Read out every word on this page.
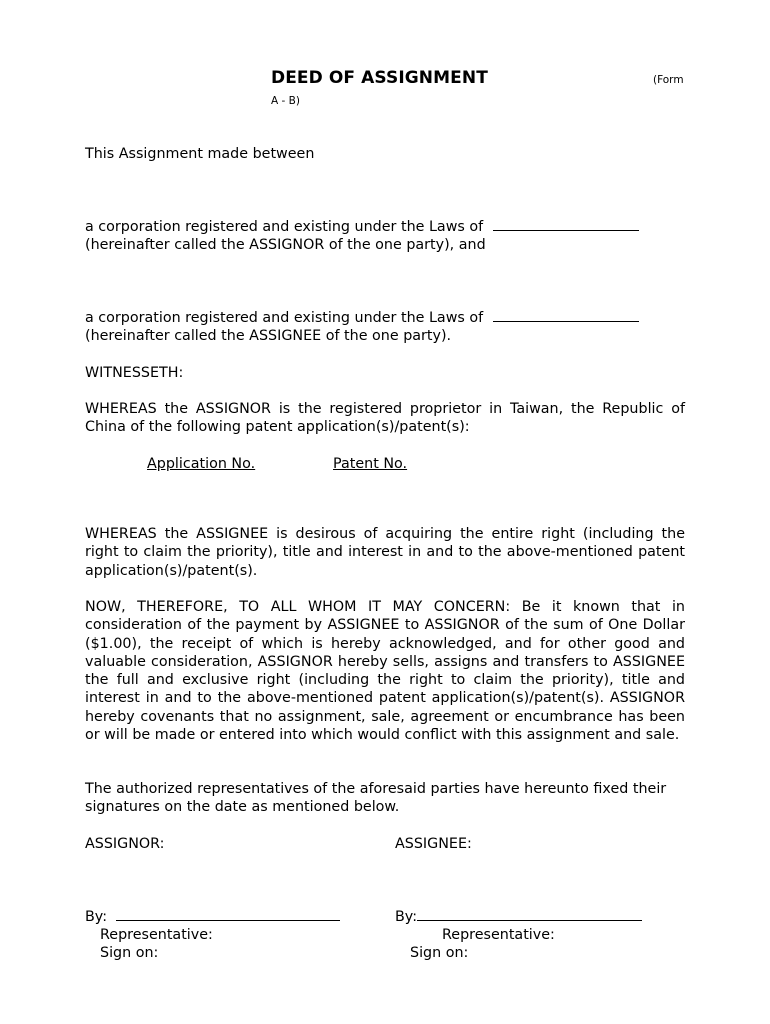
DEED OF ASSIGNMENT	(Form
A - B)
This Assignment made between
a corporation registered and existing under the Laws of
(hereinafter called the ASSIGNOR of the one party), and
a corporation registered and existing under the Laws of
(hereinafter called the ASSIGNEE of the one party).
WITNESSETH:
WHEREAS the ASSIGNOR is the registered proprietor in Taiwan, the Republic of China of the following patent application(s)/patent(s):
Application No.	Patent No.
WHEREAS the ASSIGNEE is desirous of acquiring the entire right (including the right to claim the priority), title and interest in and to the above-mentioned patent application(s)/patent(s).
NOW, THEREFORE, TO ALL WHOM IT MAY CONCERN: Be it known that in consideration of the payment by ASSIGNEE to ASSIGNOR of the sum of One Dollar ($1.00), the receipt of which is hereby acknowledged, and for other good and valuable consideration, ASSIGNOR hereby sells, assigns and transfers to ASSIGNEE the full and exclusive right (including the right to claim the priority), title and interest in and to the above-mentioned patent application(s)/patent(s). ASSIGNOR hereby covenants that no assignment, sale, agreement or encumbrance has been or will be made or entered into which would conflict with this assignment and sale.
The authorized representatives of the aforesaid parties have hereunto fixed their signatures on the date as mentioned below.
ASSIGNOR:	ASSIGNEE:
By:	By:
Representative:	Representative:
Sign on:	Sign on:
